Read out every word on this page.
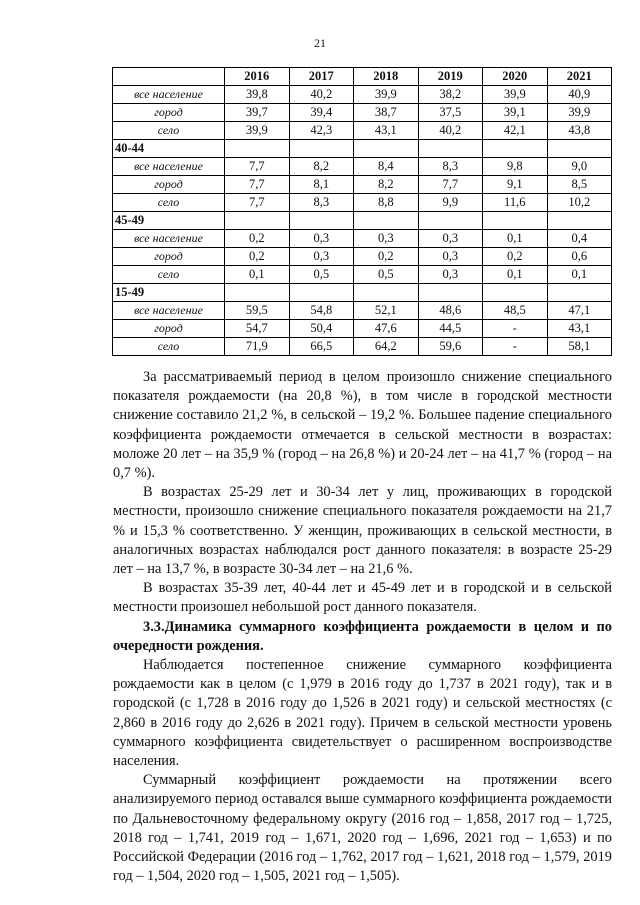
21
	2016	2017	2018	2019	2020	2021
все население	39,8	40,2	39,9	38,2	39,9	40,9
город	39,7	39,4	38,7	37,5	39,1	39,9
село	39,9	42,3	43,1	40,2	42,1	43,8
40-44						
все население	7,7	8,2	8,4	8,3	9,8	9,0
город	7,7	8,1	8,2	7,7	9,1	8,5
село	7,7	8,3	8,8	9,9	11,6	10,2
45-49						
все население	0,2	0,3	0,3	0,3	0,1	0,4
город	0,2	0,3	0,2	0,3	0,2	0,6
село	0,1	0,5	0,5	0,3	0,1	0,1
15-49						
все население	59,5	54,8	52,1	48,6	48,5	47,1
город	54,7	50,4	47,6	44,5	-	43,1
село	71,9	66,5	64,2	59,6	-	58,1

За рассматриваемый период в целом произошло снижение специального показателя рождаемости (на 20,8 %), в том числе в городской местности снижение составило 21,2 %, в сельской – 19,2 %. Большее падение специального коэффициента рождаемости отмечается в сельской местности в возрастах: моложе 20 лет – на 35,9 % (город – на 26,8 %) и 20-24 лет – на 41,7 % (город – на 0,7 %).

В возрастах 25-29 лет и 30-34 лет у лиц, проживающих в городской местности, произошло снижение специального показателя рождаемости на 21,7 % и 15,3 % соответственно. У женщин, проживающих в сельской местности, в аналогичных возрастах наблюдался рост данного показателя: в возрасте 25-29 лет – на 13,7 %, в возрасте 30-34 лет – на 21,6 %.

В возрастах 35-39 лет, 40-44 лет и 45-49 лет и в городской и в сельской местности произошел небольшой рост данного показателя.

3.3.Динамика суммарного коэффициента рождаемости в целом и по очередности рождения.

Наблюдается постепенное снижение суммарного коэффициента рождаемости как в целом (с 1,979 в 2016 году до 1,737 в 2021 году), так и в городской (с 1,728 в 2016 году до 1,526 в 2021 году) и сельской местностях (с 2,860 в 2016 году до 2,626 в 2021 году). Причем в сельской местности уровень суммарного коэффициента свидетельствует о расширенном воспроизводстве населения.

Суммарный коэффициент рождаемости на протяжении всего анализируемого период оставался выше суммарного коэффициента рождаемости по Дальневосточному федеральному округу (2016 год – 1,858, 2017 год – 1,725, 2018 год – 1,741, 2019 год – 1,671, 2020 год – 1,696, 2021 год – 1,653) и по Российской Федерации (2016 год – 1,762, 2017 год – 1,621, 2018 год – 1,579, 2019 год – 1,504, 2020 год – 1,505, 2021 год – 1,505).
